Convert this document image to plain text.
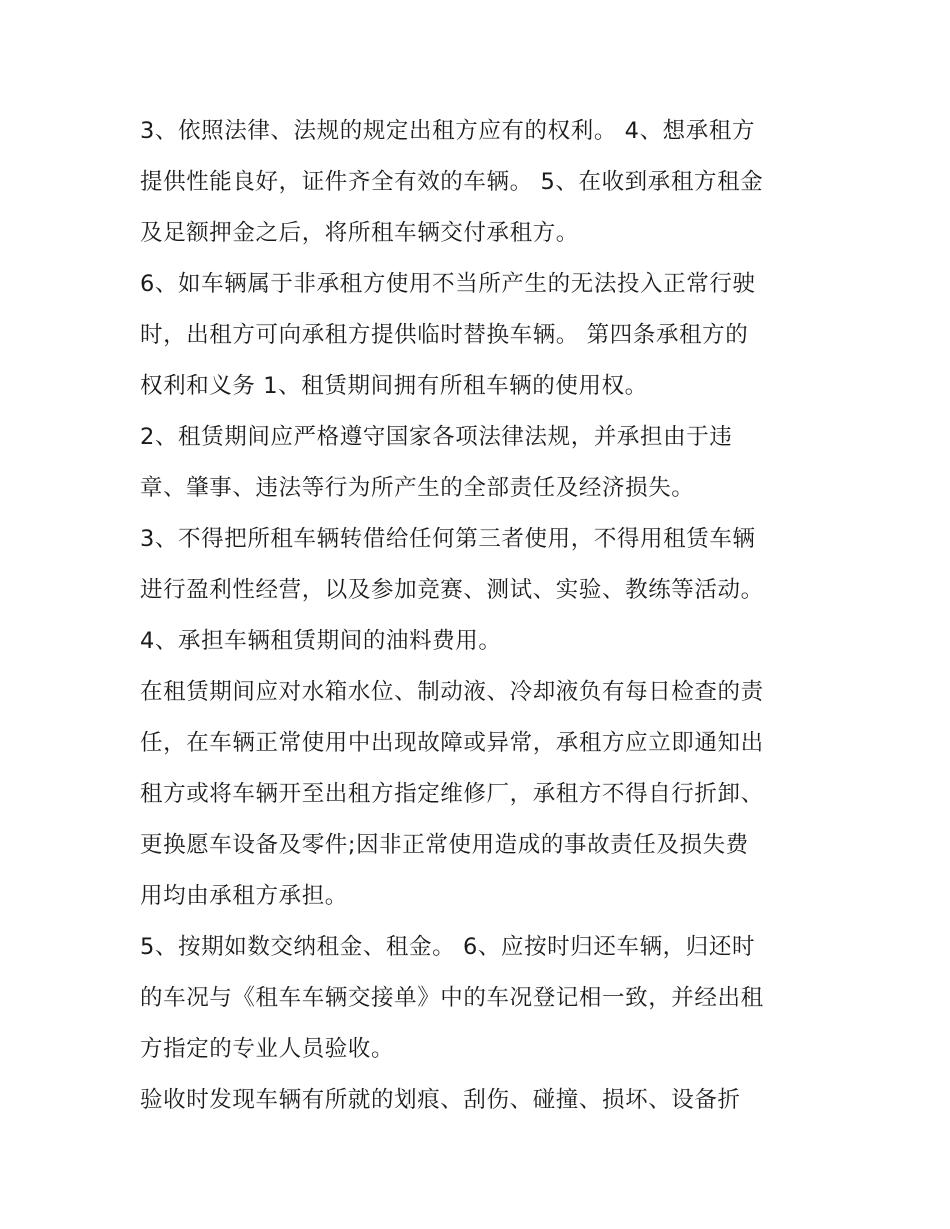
3、依照法律、法规的规定出租方应有的权利。 4、想承租方
提供性能良好，证件齐全有效的车辆。 5、在收到承租方租金
及足额押金之后，将所租车辆交付承租方。
6、如车辆属于非承租方使用不当所产生的无法投入正常行驶
时，出租方可向承租方提供临时替换车辆。 第四条承租方的
权利和义务 1、租赁期间拥有所租车辆的使用权。
2、租赁期间应严格遵守国家各项法律法规，并承担由于违
章、肇事、违法等行为所产生的全部责任及经济损失。
3、不得把所租车辆转借给任何第三者使用，不得用租赁车辆
进行盈利性经营，以及参加竞赛、测试、实验、教练等活动。
4、承担车辆租赁期间的油料费用。
在租赁期间应对水箱水位、制动液、冷却液负有每日检查的责
任，在车辆正常使用中出现故障或异常，承租方应立即通知出
租方或将车辆开至出租方指定维修厂，承租方不得自行折卸、
更换愿车设备及零件;因非正常使用造成的事故责任及损失费
用均由承租方承担。
5、按期如数交纳租金、租金。 6、应按时归还车辆，归还时
的车况与《租车车辆交接单》中的车况登记相一致，并经出租
方指定的专业人员验收。
验收时发现车辆有所就的划痕、刮伤、碰撞、损坏、设备折
